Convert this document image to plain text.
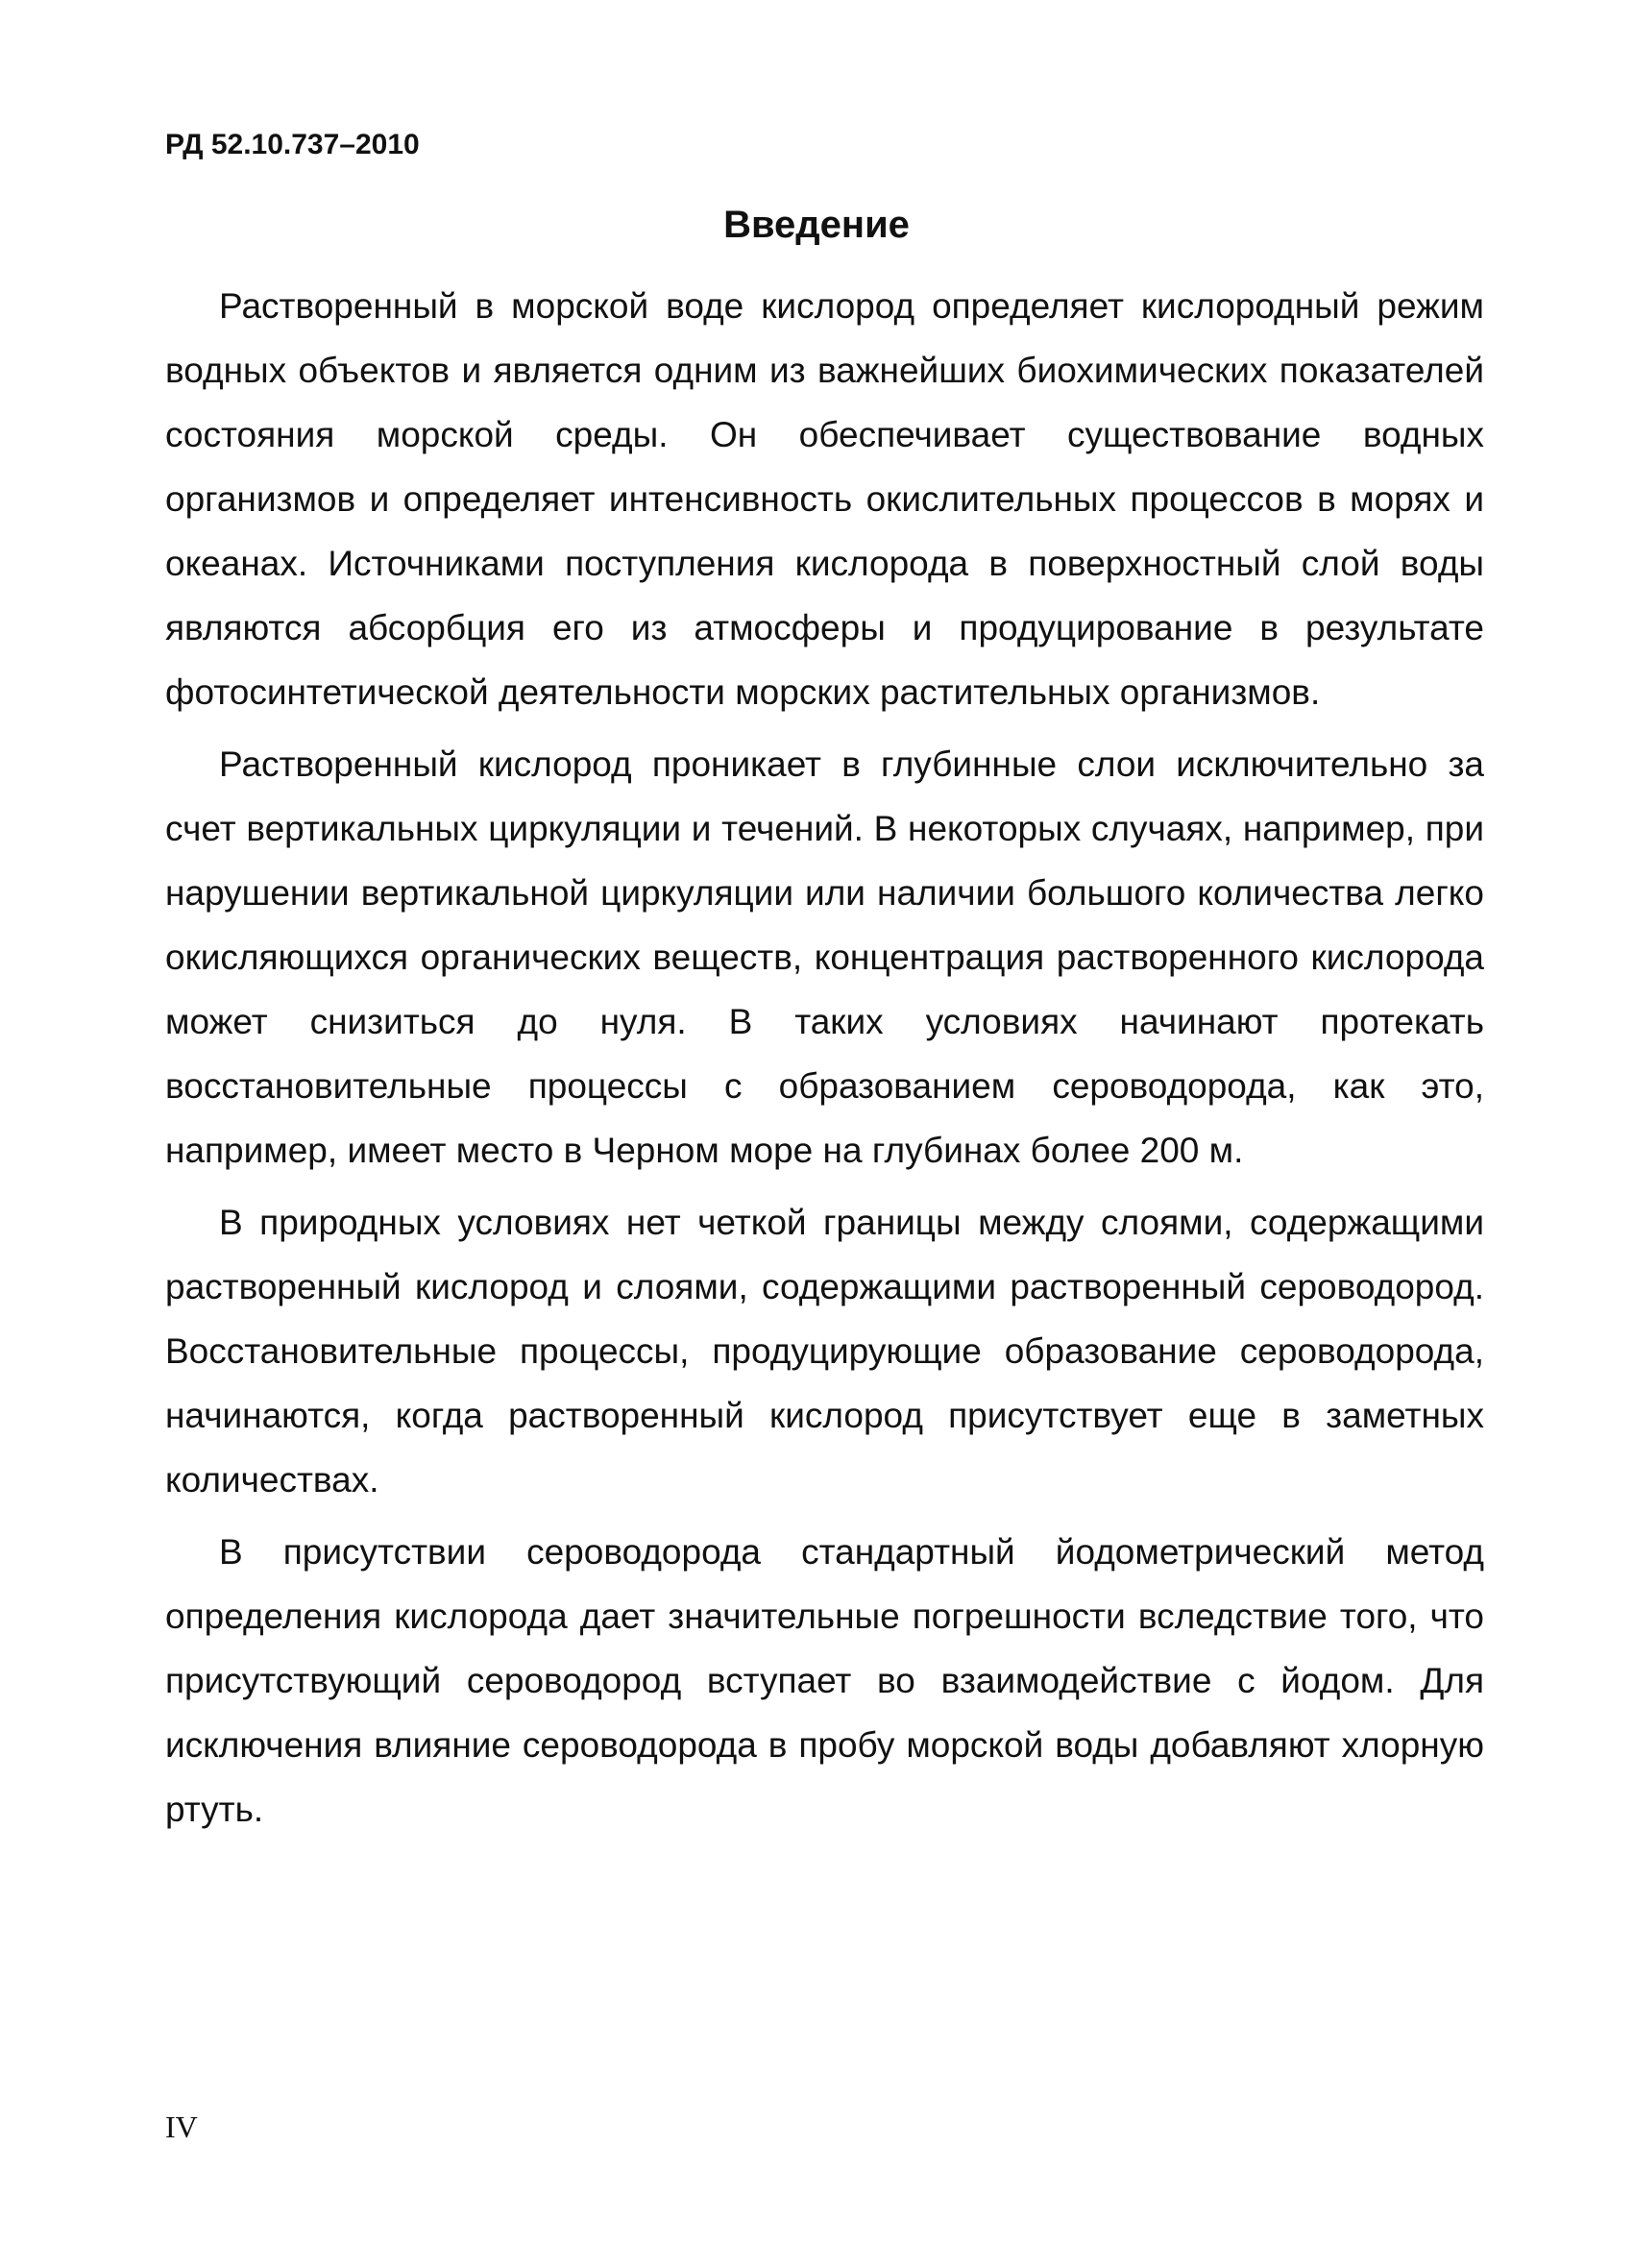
РД 52.10.737–2010
Введение

Растворенный в морской воде кислород определяет кислородный режим водных объектов и является одним из важнейших биохимических показателей состояния морской среды. Он обеспечивает существование водных организмов и определяет интенсивность окислительных процессов в морях и океанах. Источниками поступления кислорода в поверхностный слой воды являются абсорбция его из атмосферы и продуцирование в результате фотосинтетической деятельности морских растительных организмов.

Растворенный кислород проникает в глубинные слои исключительно за счет вертикальных циркуляции и течений. В некоторых случаях, например, при нарушении вертикальной циркуляции или наличии большого количества легко окисляющихся органических веществ, концентрация растворенного кислорода может снизиться до нуля. В таких условиях начинают протекать восстановительные процессы с образованием сероводорода, как это, например, имеет место в Черном море на глубинах более 200 м.

В природных условиях нет четкой границы между слоями, содержащими растворенный кислород и слоями, содержащими растворенный сероводород. Восстановительные процессы, продуцирующие образование сероводорода, начинаются, когда растворенный кислород присутствует еще в заметных количествах.

В присутствии сероводорода стандартный йодометрический метод определения кислорода дает значительные погрешности вследствие того, что присутствующий сероводород вступает во взаимодействие с йодом. Для исключения влияние сероводорода в пробу морской воды добавляют хлорную ртуть.

IV
